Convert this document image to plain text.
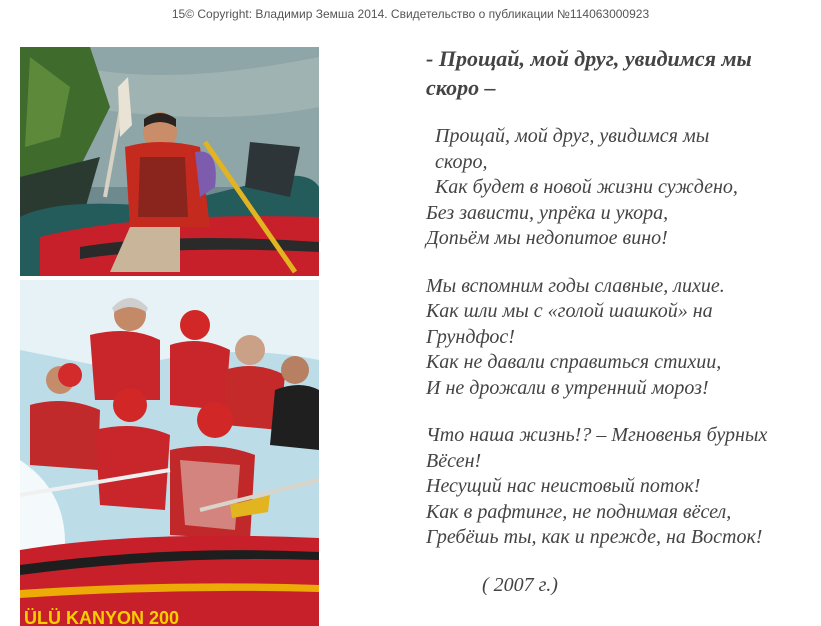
15© Copyright: Владимир Земша 2014. Свидетельство о публикации №114063000923
ÜLÜ KANYON 200
- Прощай, мой друг, увидимся мы
скоро –
Прощай, мой друг, увидимся мы
скоро,
Как будет в новой жизни суждено,
Без зависти, упрёка и укора,
Допьём мы недопитое вино!
Мы вспомним годы славные, лихие.
Как шли мы с «голой шашкой» на
Грундфос!
Как не давали справиться стихии,
И не дрожали в утренний мороз!
Что наша жизнь!? – Мгновенья бурных
Вёсен!
Несущий нас неистовый поток!
Как в рафтинге, не поднимая вёсел,
Гребёшь ты, как и прежде, на Восток!
( 2007 г.)
